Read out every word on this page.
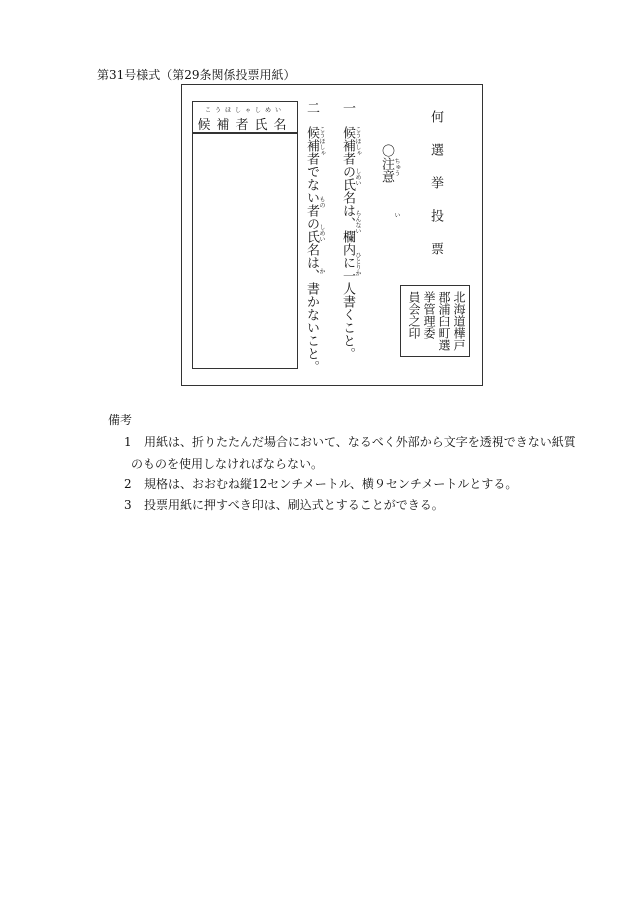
第31号様式（第29条関係投票用紙）
こうほしゃしめい
候補者氏名
二
候補者でない者の氏名は、書かないこと。 こうほしゃ
もの
しめい
か
一
候補者の氏名は、欄内に一人書くこと。 こうほしゃ
しめい
らんない
ひとりか
〇注意 ちゅう
い 何選挙投票
北海道樺戸
郡浦臼町選
挙管理委
員会之印
備考
1 用紙は、折りたたんだ場合において、なるべく外部から文字を透視できない紙質
のものを使用しなければならない。
2 規格は、おおむね縦12センチメートル、横９センチメートルとする。
3 投票用紙に押すべき印は、刷込式とすることができる。
